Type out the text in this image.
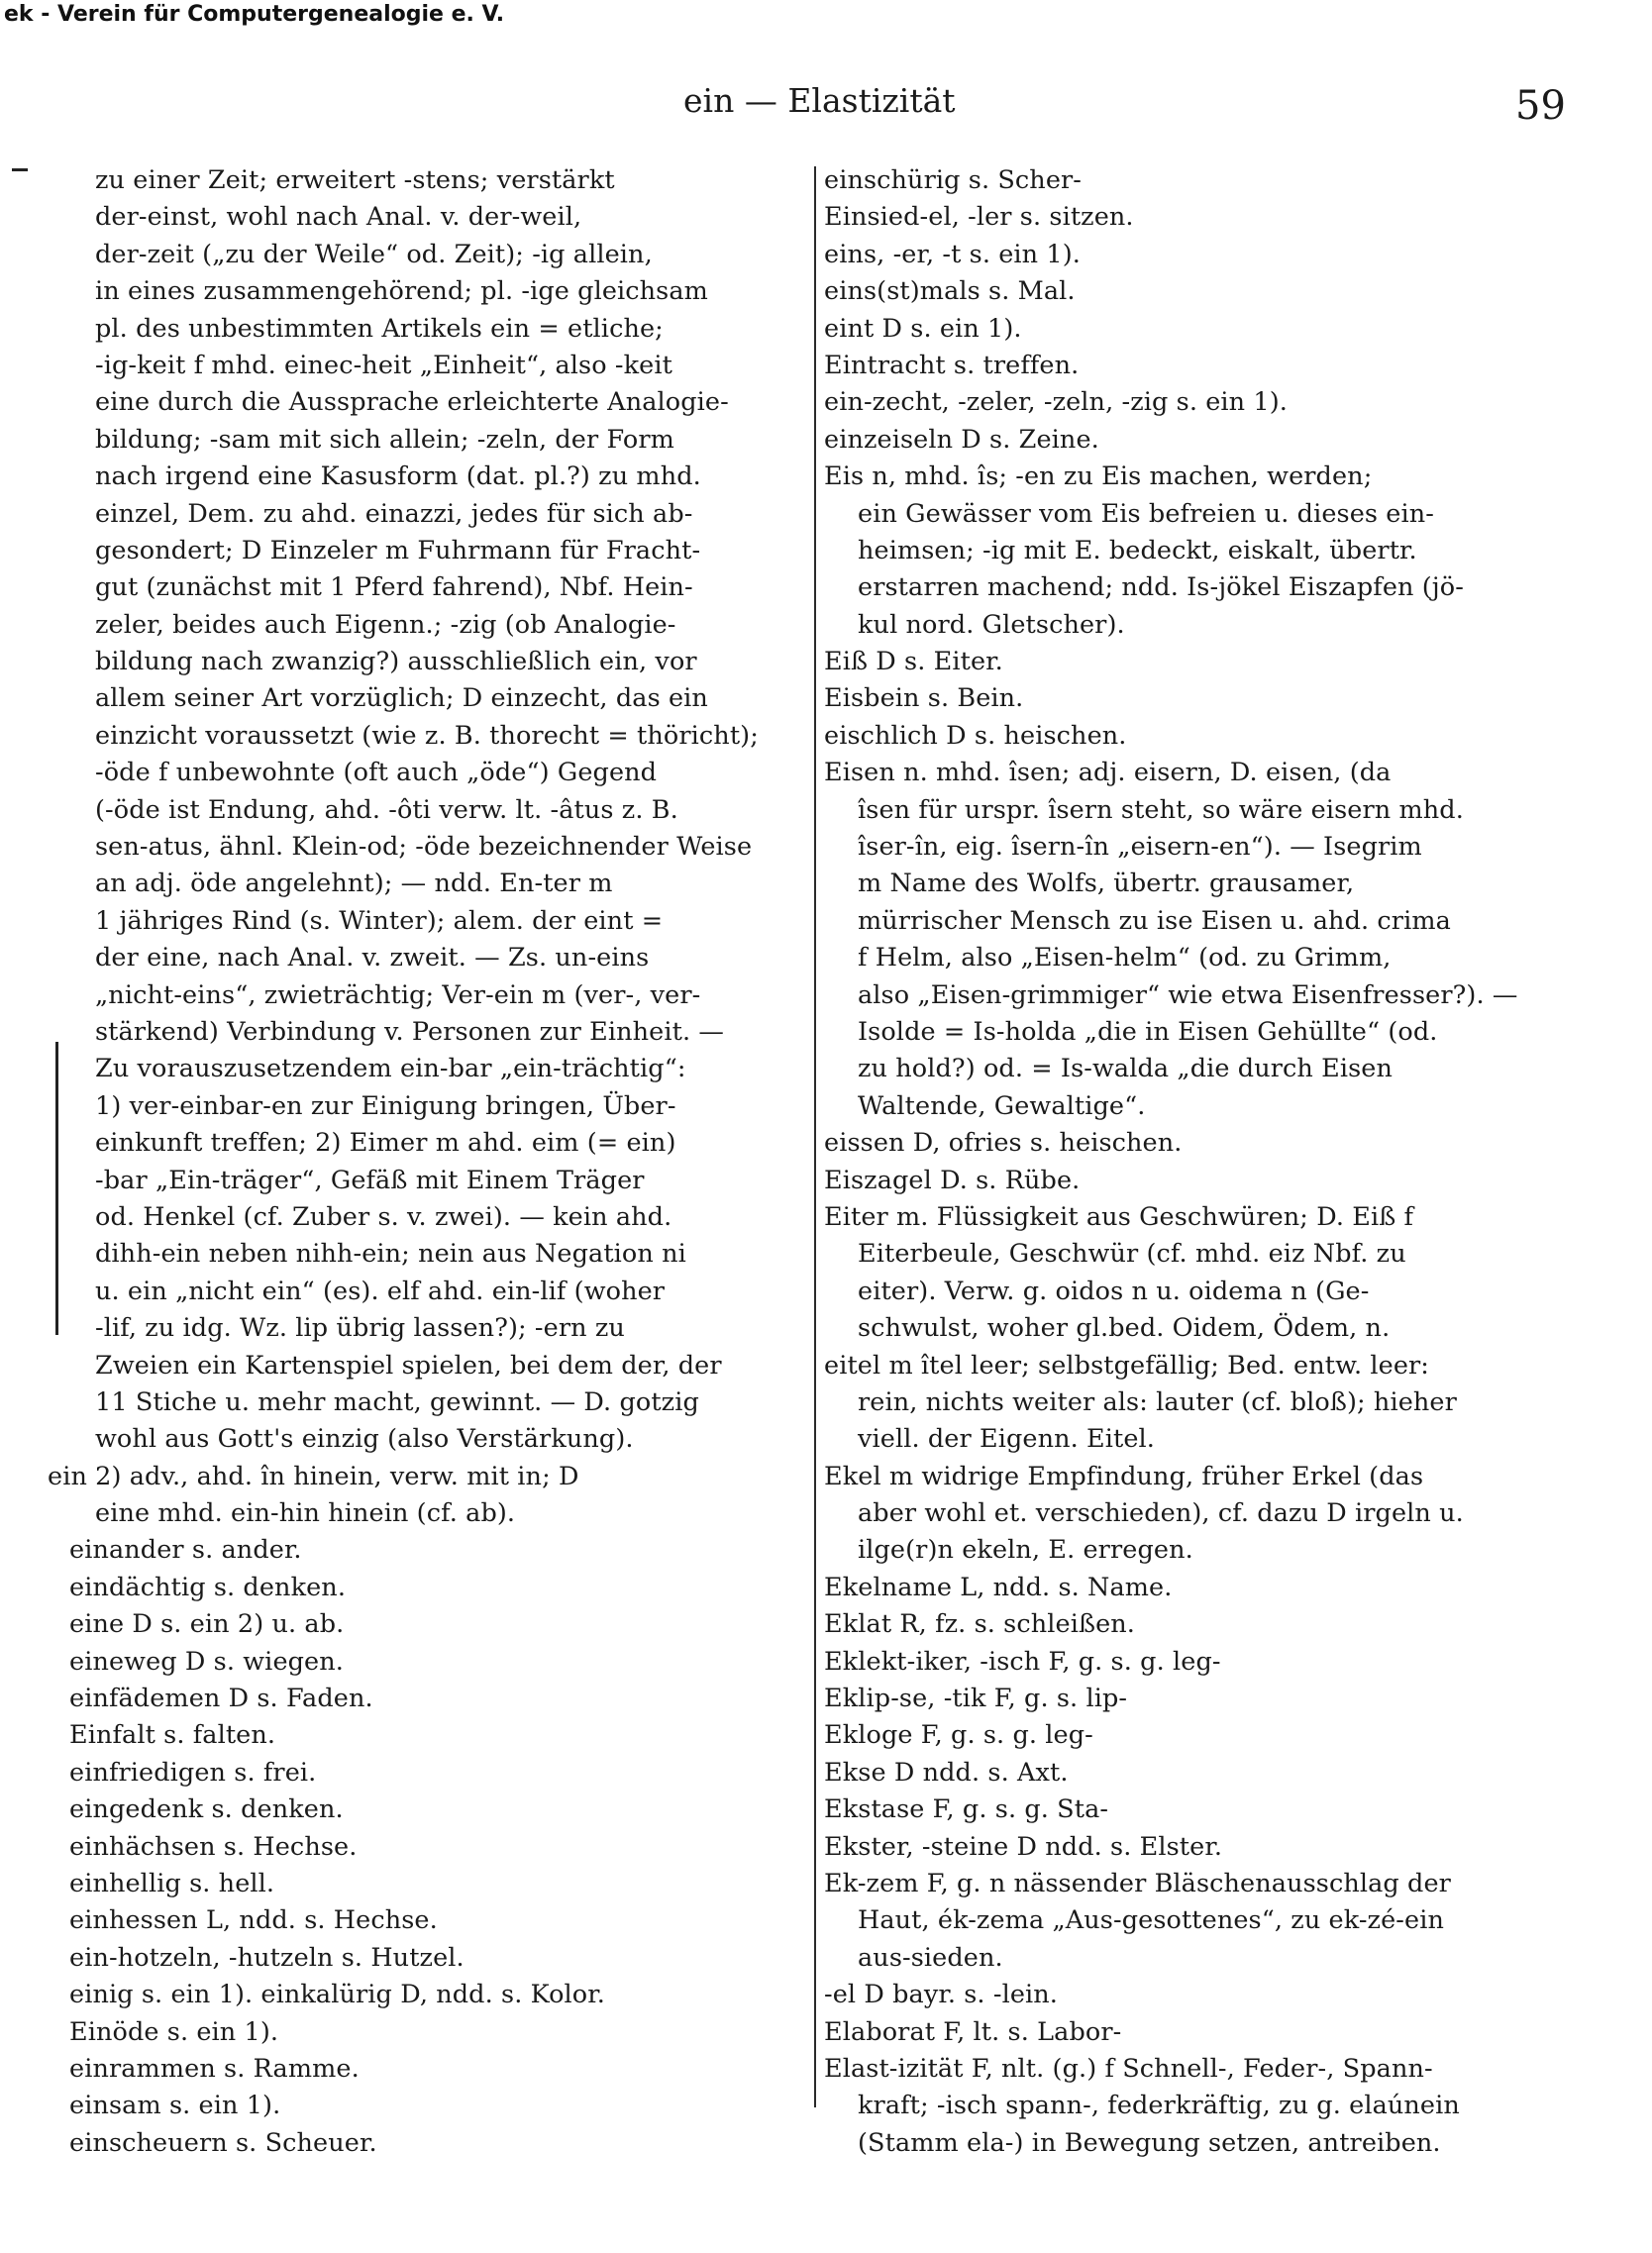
ek - Verein für Computergenealogie e. V.
ein — Elastizität	59
zu einer Zeit; erweitert -stens; verstärkt
der-einst, wohl nach Anal. v. der-weil,
der-zeit („zu der Weile“ od. Zeit); -ig allein,
in eines zusammengehörend; pl. -ige gleichsam
pl. des unbestimmten Artikels ein = etliche;
-ig-keit f mhd. einec-heit „Einheit“, also -keit
eine durch die Aussprache erleichterte Analogie-
bildung; -sam mit sich allein; -zeln, der Form
nach irgend eine Kasusform (dat. pl.?) zu mhd.
einzel, Dem. zu ahd. einazzi, jedes für sich ab-
gesondert; D Einzeler m Fuhrmann für Fracht-
gut (zunächst mit 1 Pferd fahrend), Nbf. Hein-
zeler, beides auch Eigenn.; -zig (ob Analogie-
bildung nach zwanzig?) ausschließlich ein, vor
allem seiner Art vorzüglich; D einzecht, das ein
einzicht voraussetzt (wie z. B. thorecht = thöricht);
-öde f unbewohnte (oft auch „öde“) Gegend
(-öde ist Endung, ahd. -ôti verw. lt. -âtus z. B.
sen-atus, ähnl. Klein-od; -öde bezeichnender Weise
an adj. öde angelehnt); — ndd. En-ter m
1 jähriges Rind (s. Winter); alem. der eint =
der eine, nach Anal. v. zweit. — Zs. un-eins
„nicht-eins“, zwieträchtig; Ver-ein m (ver-, ver-
stärkend) Verbindung v. Personen zur Einheit. —
Zu vorauszusetzendem ein-bar „ein-trächtig“:
1) ver-einbar-en zur Einigung bringen, Über-
einkunft treffen; 2) Eimer m ahd. eim (= ein)
-bar „Ein-träger“, Gefäß mit Einem Träger
od. Henkel (cf. Zuber s. v. zwei). — kein ahd.
dihh-ein neben nihh-ein; nein aus Negation ni
u. ein „nicht ein“ (es). elf ahd. ein-lif (woher
-lif, zu idg. Wz. lip übrig lassen?); -ern zu
Zweien ein Kartenspiel spielen, bei dem der, der
11 Stiche u. mehr macht, gewinnt. — D. gotzig
wohl aus Gott's einzig (also Verstärkung).
ein 2) adv., ahd. în hinein, verw. mit in; D
eine mhd. ein-hin hinein (cf. ab).
einander s. ander.
eindächtig s. denken.
eine D s. ein 2) u. ab.
eineweg D s. wiegen.
einfädemen D s. Faden.
Einfalt s. falten.
einfriedigen s. frei.
eingedenk s. denken.
einhächsen s. Hechse.
einhellig s. hell.
einhessen L, ndd. s. Hechse.
ein-hotzeln, -hutzeln s. Hutzel.
einig s. ein 1). einkalürig D, ndd. s. Kolor.
Einöde s. ein 1).
einrammen s. Ramme.
einsam s. ein 1).
einscheuern s. Scheuer.
einschürig s. Scher-
Einsied-el, -ler s. sitzen.
eins, -er, -t s. ein 1).
eins(st)mals s. Mal.
eint D s. ein 1).
Eintracht s. treffen.
ein-zecht, -zeler, -zeln, -zig s. ein 1).
einzeiseln D s. Zeine.
Eis n, mhd. îs; -en zu Eis machen, werden;
ein Gewässer vom Eis befreien u. dieses ein-
heimsen; -ig mit E. bedeckt, eiskalt, übertr.
erstarren machend; ndd. Is-jökel Eiszapfen (jö-
kul nord. Gletscher).
Eiß D s. Eiter.
Eisbein s. Bein.
eischlich D s. heischen.
Eisen n. mhd. îsen; adj. eisern, D. eisen, (da
îsen für urspr. îsern steht, so wäre eisern mhd.
îser-în, eig. îsern-în „eisern-en“). — Isegrim
m Name des Wolfs, übertr. grausamer,
mürrischer Mensch zu ise Eisen u. ahd. crima
f Helm, also „Eisen-helm“ (od. zu Grimm,
also „Eisen-grimmiger“ wie etwa Eisenfresser?). —
Isolde = Is-holda „die in Eisen Gehüllte“ (od.
zu hold?) od. = Is-walda „die durch Eisen
Waltende, Gewaltige“.
eissen D, ofries s. heischen.
Eiszagel D. s. Rübe.
Eiter m. Flüssigkeit aus Geschwüren; D. Eiß f
Eiterbeule, Geschwür (cf. mhd. eiz Nbf. zu
eiter). Verw. g. oidos n u. oidema n (Ge-
schwulst, woher gl.bed. Oidem, Ödem, n.
eitel m îtel leer; selbstgefällig; Bed. entw. leer:
rein, nichts weiter als: lauter (cf. bloß); hieher
viell. der Eigenn. Eitel.
Ekel m widrige Empfindung, früher Erkel (das
aber wohl et. verschieden), cf. dazu D irgeln u.
ilge(r)n ekeln, E. erregen.
Ekelname L, ndd. s. Name.
Eklat R, fz. s. schleißen.
Eklekt-iker, -isch F, g. s. g. leg-
Eklip-se, -tik F, g. s. lip-
Ekloge F, g. s. g. leg-
Ekse D ndd. s. Axt.
Ekstase F, g. s. g. Sta-
Ekster, -steine D ndd. s. Elster.
Ek-zem F, g. n nässender Bläschenausschlag der
Haut, ék-zema „Aus-gesottenes“, zu ek-zé-ein
aus-sieden.
-el D bayr. s. -lein.
Elaborat F, lt. s. Labor-
Elast-izität F, nlt. (g.) f Schnell-, Feder-, Spann-
kraft; -isch spann-, federkräftig, zu g. elaúnein
(Stamm ela-) in Bewegung setzen, antreiben.
